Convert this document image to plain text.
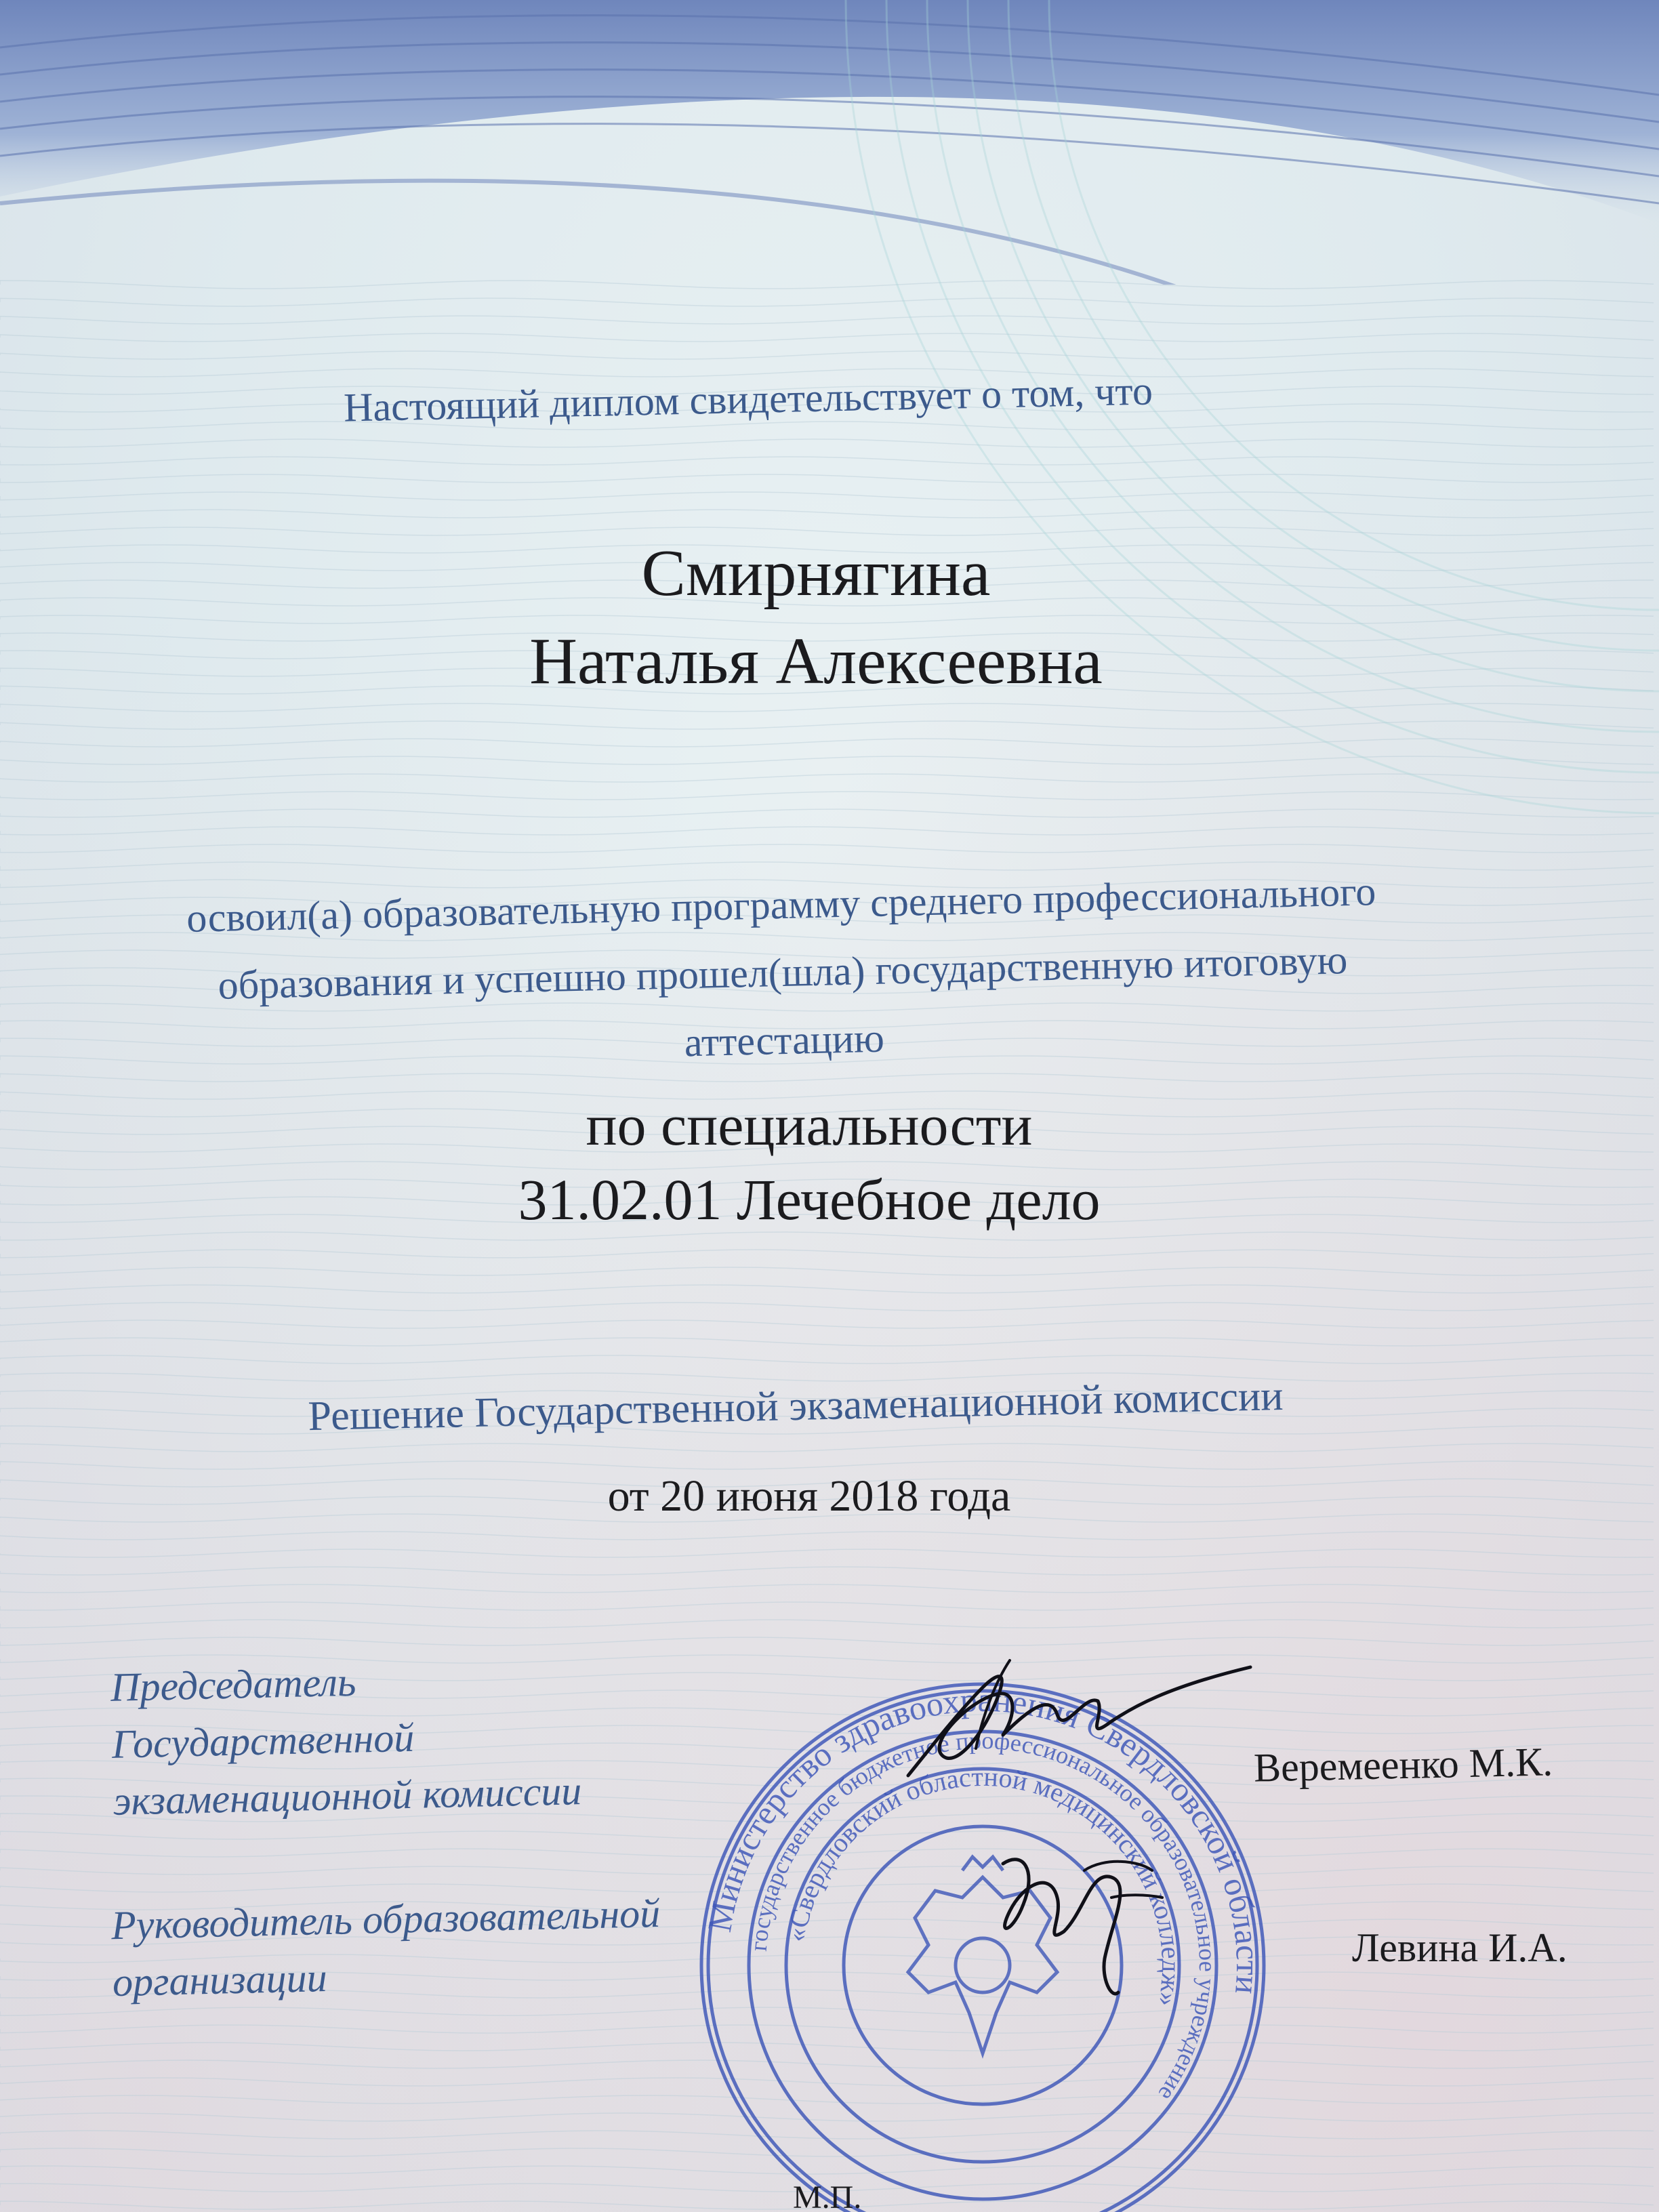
Настоящий диплом свидетельствует о том, что
Смирнягина
Наталья Алексеевна
освоил(а) образовательную программу среднего профессионального
образования и успешно прошел(шла) государственную итоговую
аттестацию
по специальности
31.02.01 Лечебное дело
Решение Государственной экзаменационной комиссии
от 20 июня 2018 года
Председатель
Государственной
экзаменационной комиссии
Руководитель образовательной
организации
Министерство здравоохранения Свердловской области
государственное бюджетное профессиональное образовательное учреждение
«Свердловский областной медицинский колледж»
Веремеенко М.К.
Левина И.А.
М.П.
